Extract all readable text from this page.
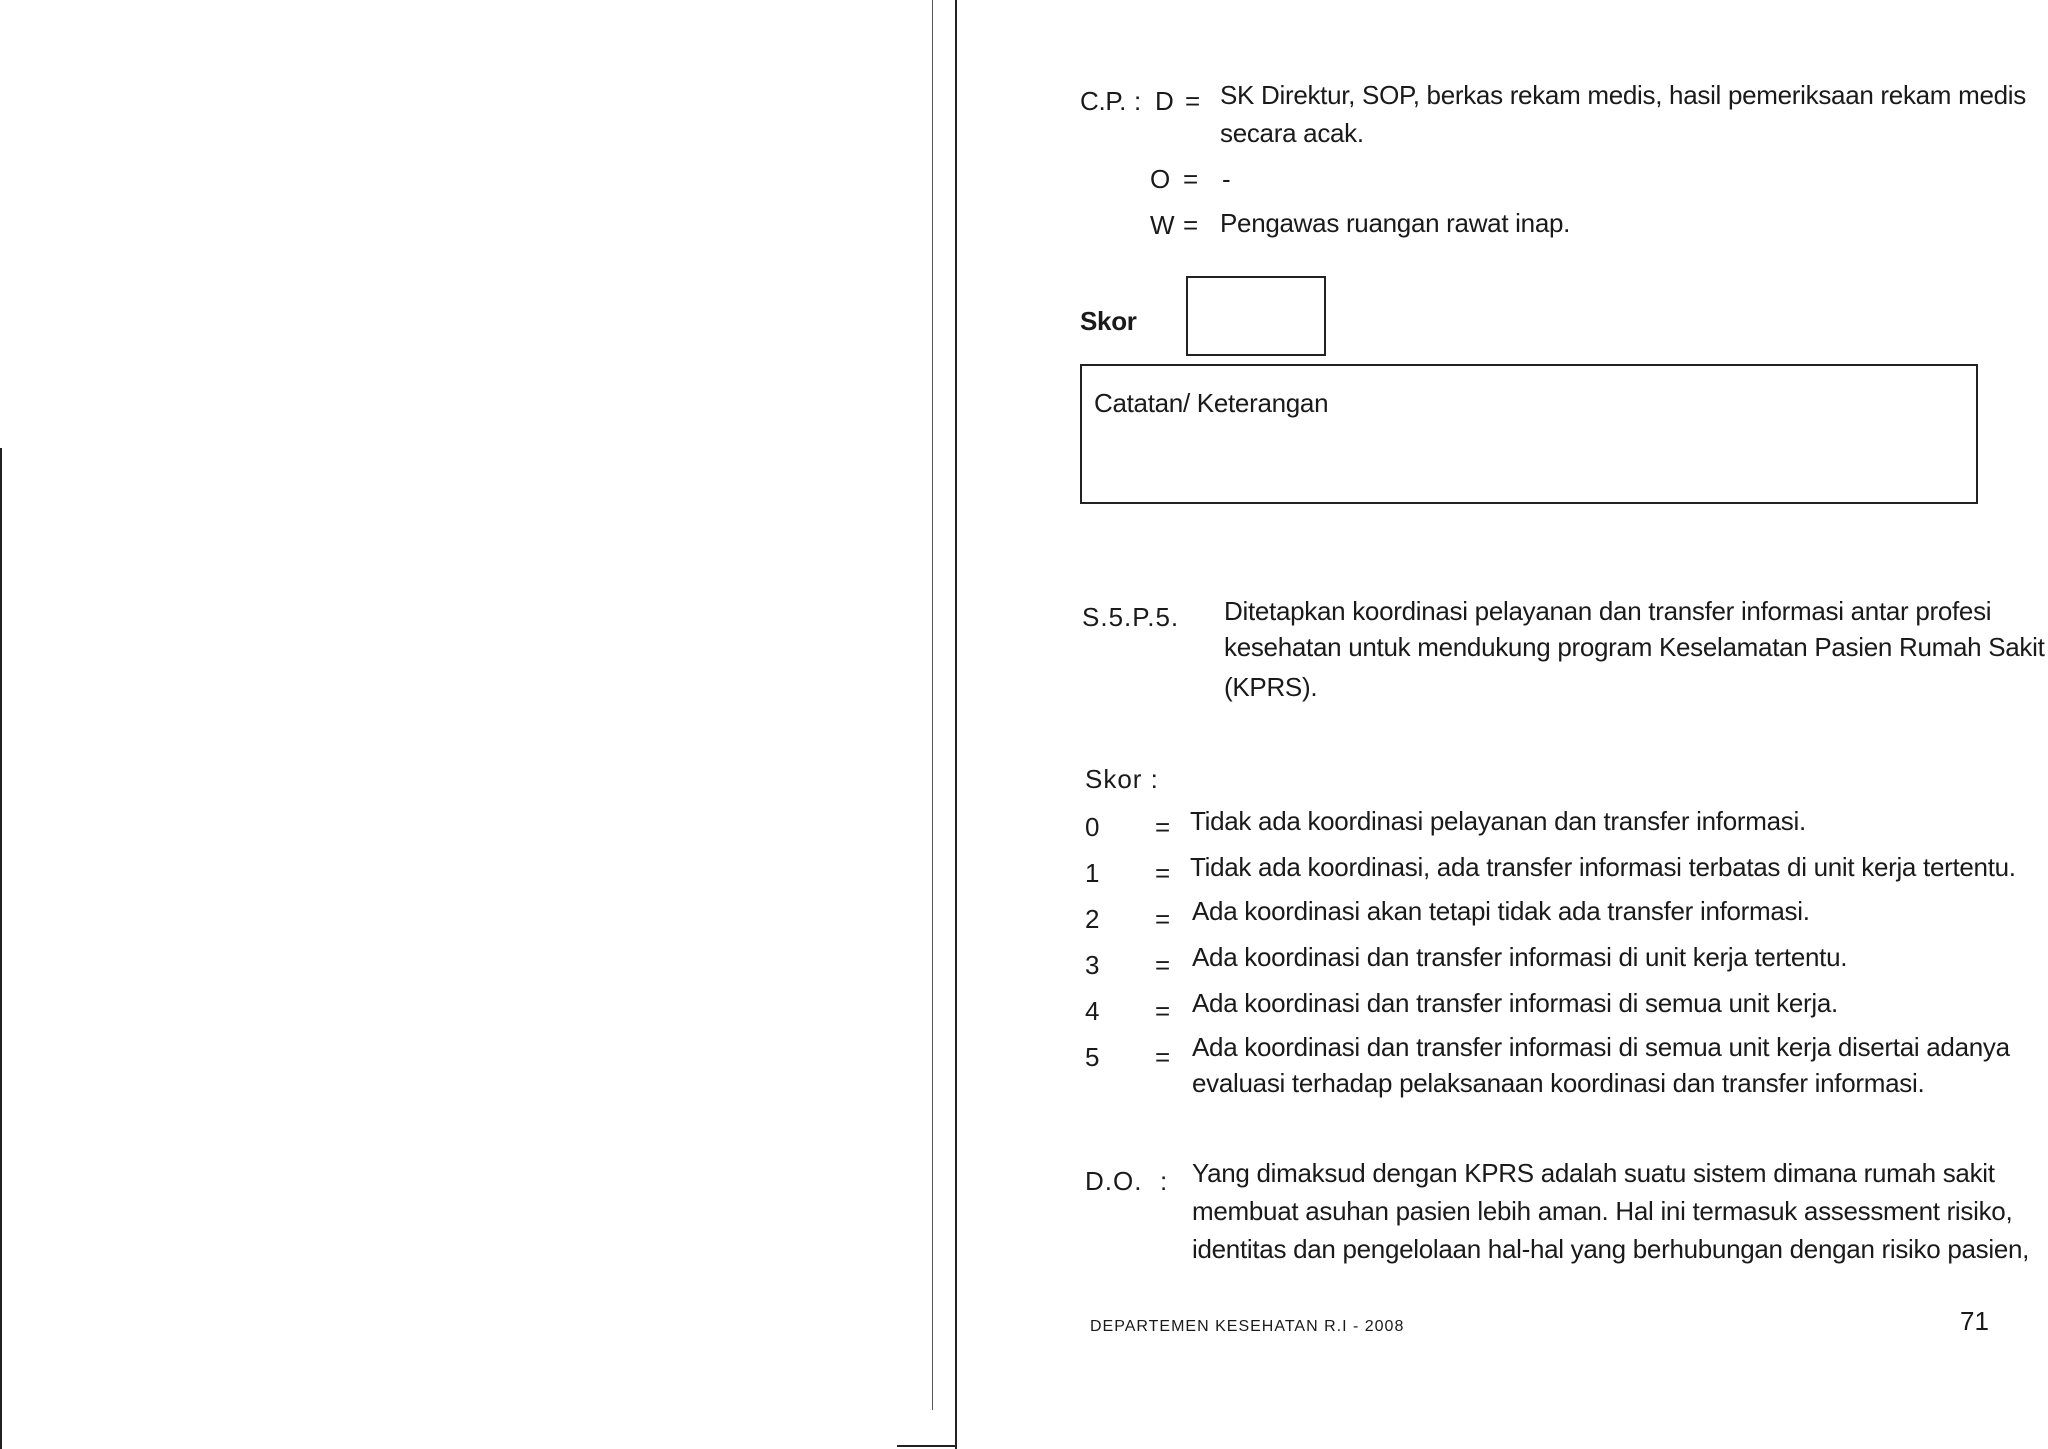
C.P. : D = SK Direktur, SOP, berkas rekam medis, hasil pemeriksaan rekam medis
secara acak.
O = -
W = Pengawas ruangan rawat inap.
Skor
Catatan/ Keterangan
S.5.P.5. Ditetapkan koordinasi pelayanan dan transfer informasi antar profesi
kesehatan untuk mendukung program Keselamatan Pasien Rumah Sakit
(KPRS).
Skor :
0 = Tidak ada koordinasi pelayanan dan transfer informasi.
1 = Tidak ada koordinasi, ada transfer informasi terbatas di unit kerja tertentu.
2 = Ada koordinasi akan tetapi tidak ada transfer informasi.
3 = Ada koordinasi dan transfer informasi di unit kerja tertentu.
4 = Ada koordinasi dan transfer informasi di semua unit kerja.
5 = Ada koordinasi dan transfer informasi di semua unit kerja disertai adanya
evaluasi terhadap pelaksanaan koordinasi dan transfer informasi.
D.O. : Yang dimaksud dengan KPRS adalah suatu sistem dimana rumah sakit
membuat asuhan pasien lebih aman. Hal ini termasuk assessment risiko,
identitas dan pengelolaan hal-hal yang berhubungan dengan risiko pasien,
DEPARTEMEN KESEHATAN R.I - 2008	71
